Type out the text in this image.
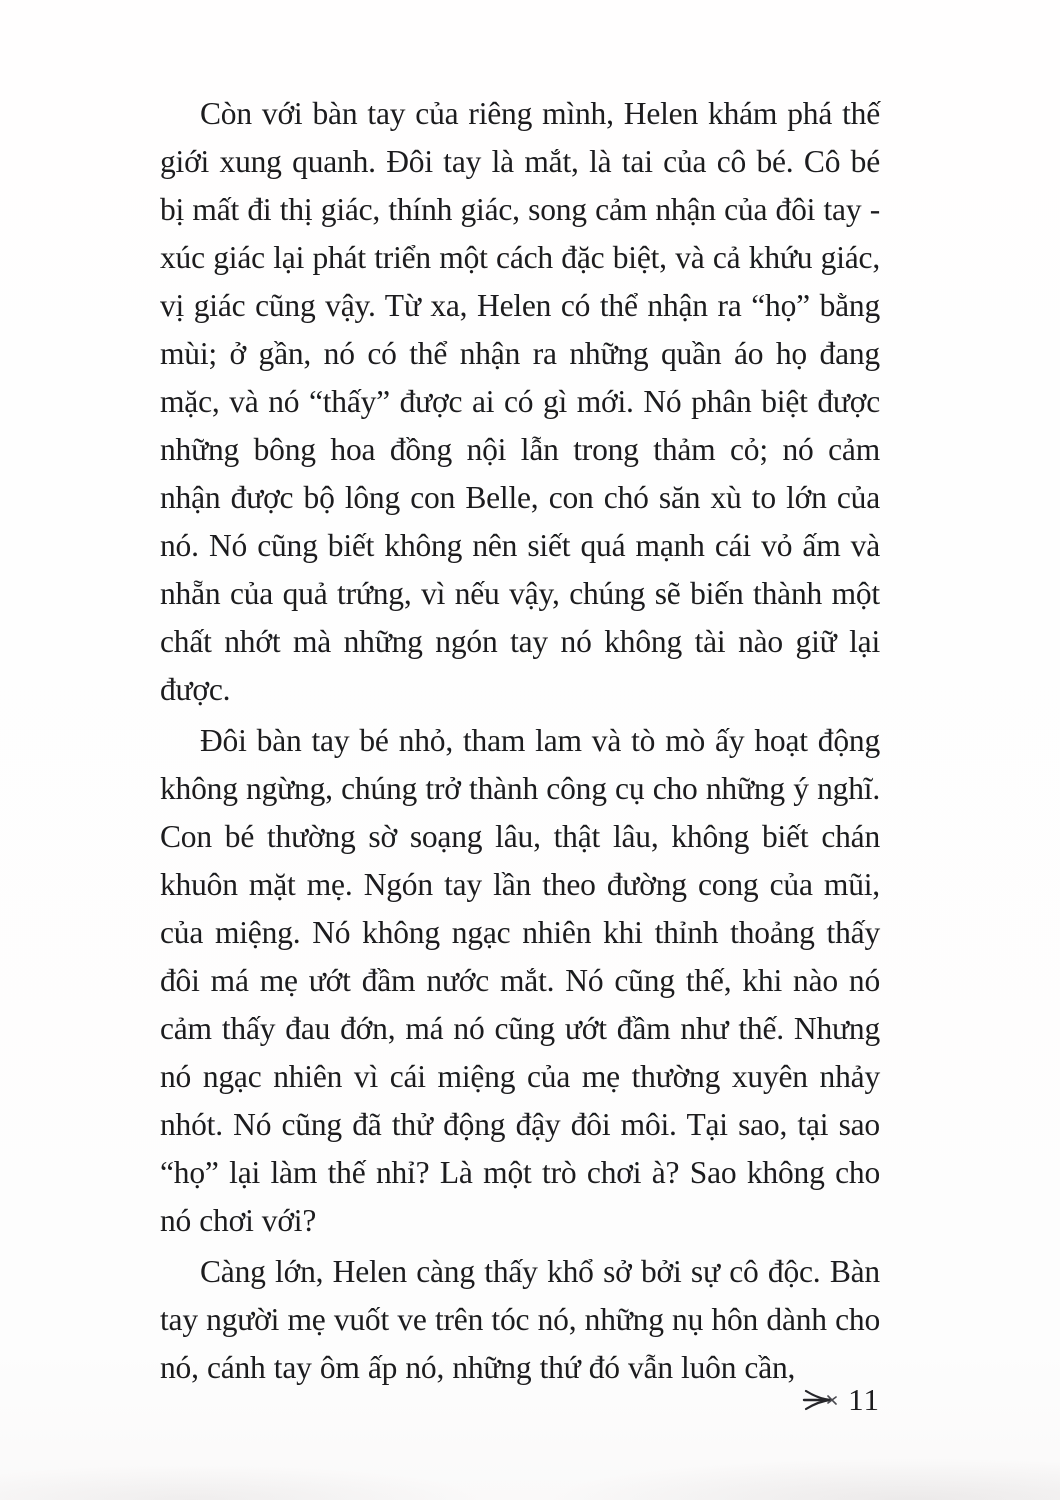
Còn với bàn tay của riêng mình, Helen khám phá thế giới xung quanh. Đôi tay là mắt, là tai của cô bé. Cô bé bị mất đi thị giác, thính giác, song cảm nhận của đôi tay - xúc giác lại phát triển một cách đặc biệt, và cả khứu giác, vị giác cũng vậy. Từ xa, Helen có thể nhận ra “họ” bằng mùi; ở gần, nó có thể nhận ra những quần áo họ đang mặc, và nó “thấy” được ai có gì mới. Nó phân biệt được những bông hoa đồng nội lẫn trong thảm cỏ; nó cảm nhận được bộ lông con Belle, con chó săn xù to lớn của nó. Nó cũng biết không nên siết quá mạnh cái vỏ ấm và nhẵn của quả trứng, vì nếu vậy, chúng sẽ biến thành một chất nhớt mà những ngón tay nó không tài nào giữ lại được.

Đôi bàn tay bé nhỏ, tham lam và tò mò ấy hoạt động không ngừng, chúng trở thành công cụ cho những ý nghĩ. Con bé thường sờ soạng lâu, thật lâu, không biết chán khuôn mặt mẹ. Ngón tay lần theo đường cong của mũi, của miệng. Nó không ngạc nhiên khi thỉnh thoảng thấy đôi má mẹ ướt đầm nước mắt. Nó cũng thế, khi nào nó cảm thấy đau đớn, má nó cũng ướt đầm như thế. Nhưng nó ngạc nhiên vì cái miệng của mẹ thường xuyên nhảy nhót. Nó cũng đã thử động đậy đôi môi. Tại sao, tại sao “họ” lại làm thế nhỉ? Là một trò chơi à? Sao không cho nó chơi với?

Càng lớn, Helen càng thấy khổ sở bởi sự cô độc. Bàn tay người mẹ vuốt ve trên tóc nó, những nụ hôn dành cho nó, cánh tay ôm ấp nó, những thứ đó vẫn luôn cần,

11
